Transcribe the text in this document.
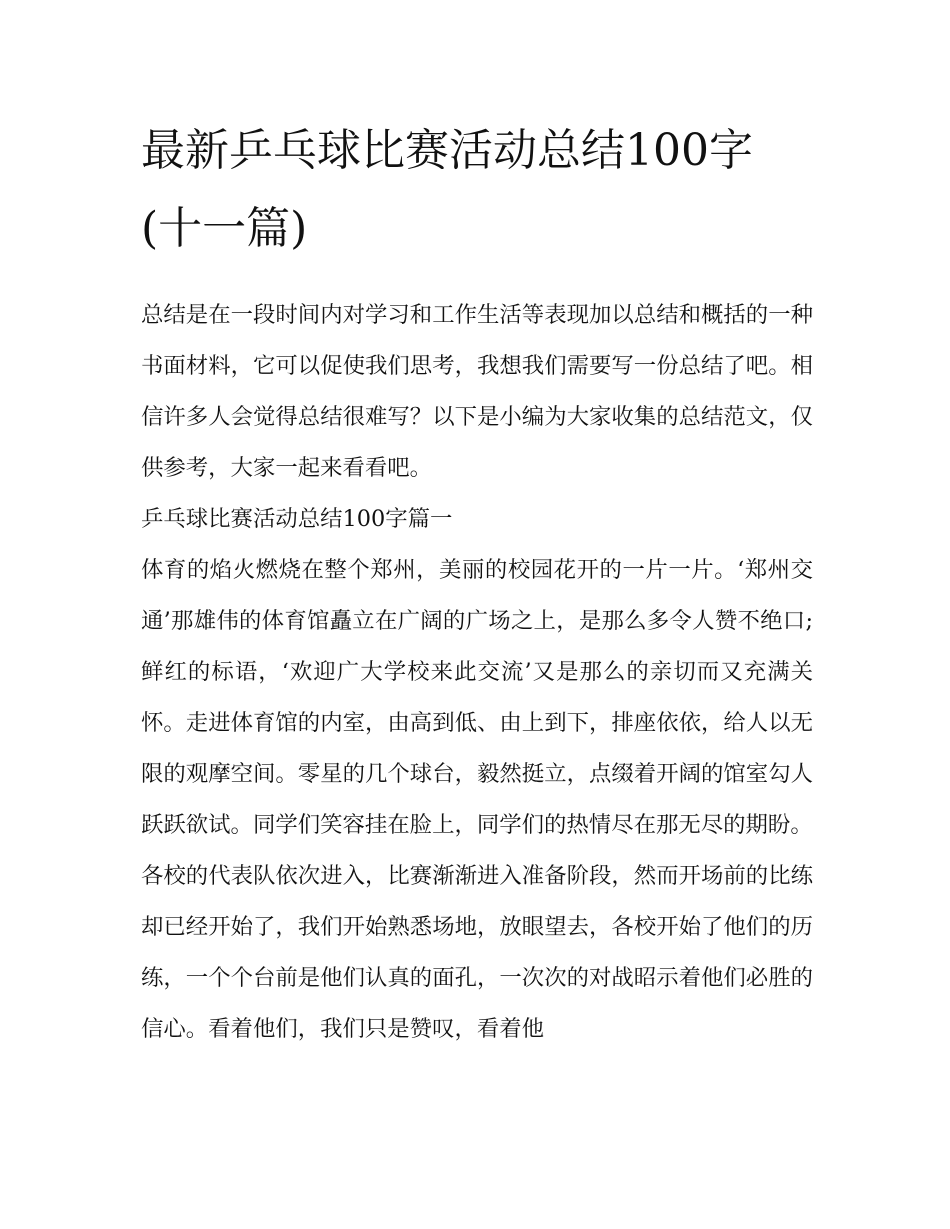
最新乒乓球比赛活动总结100字(十一篇)

总结是在一段时间内对学习和工作生活等表现加以总结和概括的一种书面材料，它可以促使我们思考，我想我们需要写一份总结了吧。相信许多人会觉得总结很难写？以下是小编为大家收集的总结范文，仅供参考，大家一起来看看吧。

乒乓球比赛活动总结100字篇一

体育的焰火燃烧在整个郑州，美丽的校园花开的一片一片。‘郑州交通’那雄伟的体育馆矗立在广阔的广场之上，是那么多令人赞不绝口;鲜红的标语，‘欢迎广大学校来此交流’又是那么的亲切而又充满关怀。走进体育馆的内室，由高到低、由上到下，排座依依，给人以无限的观摩空间。零星的几个球台，毅然挺立，点缀着开阔的馆室勾人跃跃欲试。同学们笑容挂在脸上，同学们的热情尽在那无尽的期盼。

各校的代表队依次进入，比赛渐渐进入准备阶段，然而开场前的比练却已经开始了，我们开始熟悉场地，放眼望去，各校开始了他们的历练，一个个台前是他们认真的面孔，一次次的对战昭示着他们必胜的信心。看着他们，我们只是赞叹，看着他
